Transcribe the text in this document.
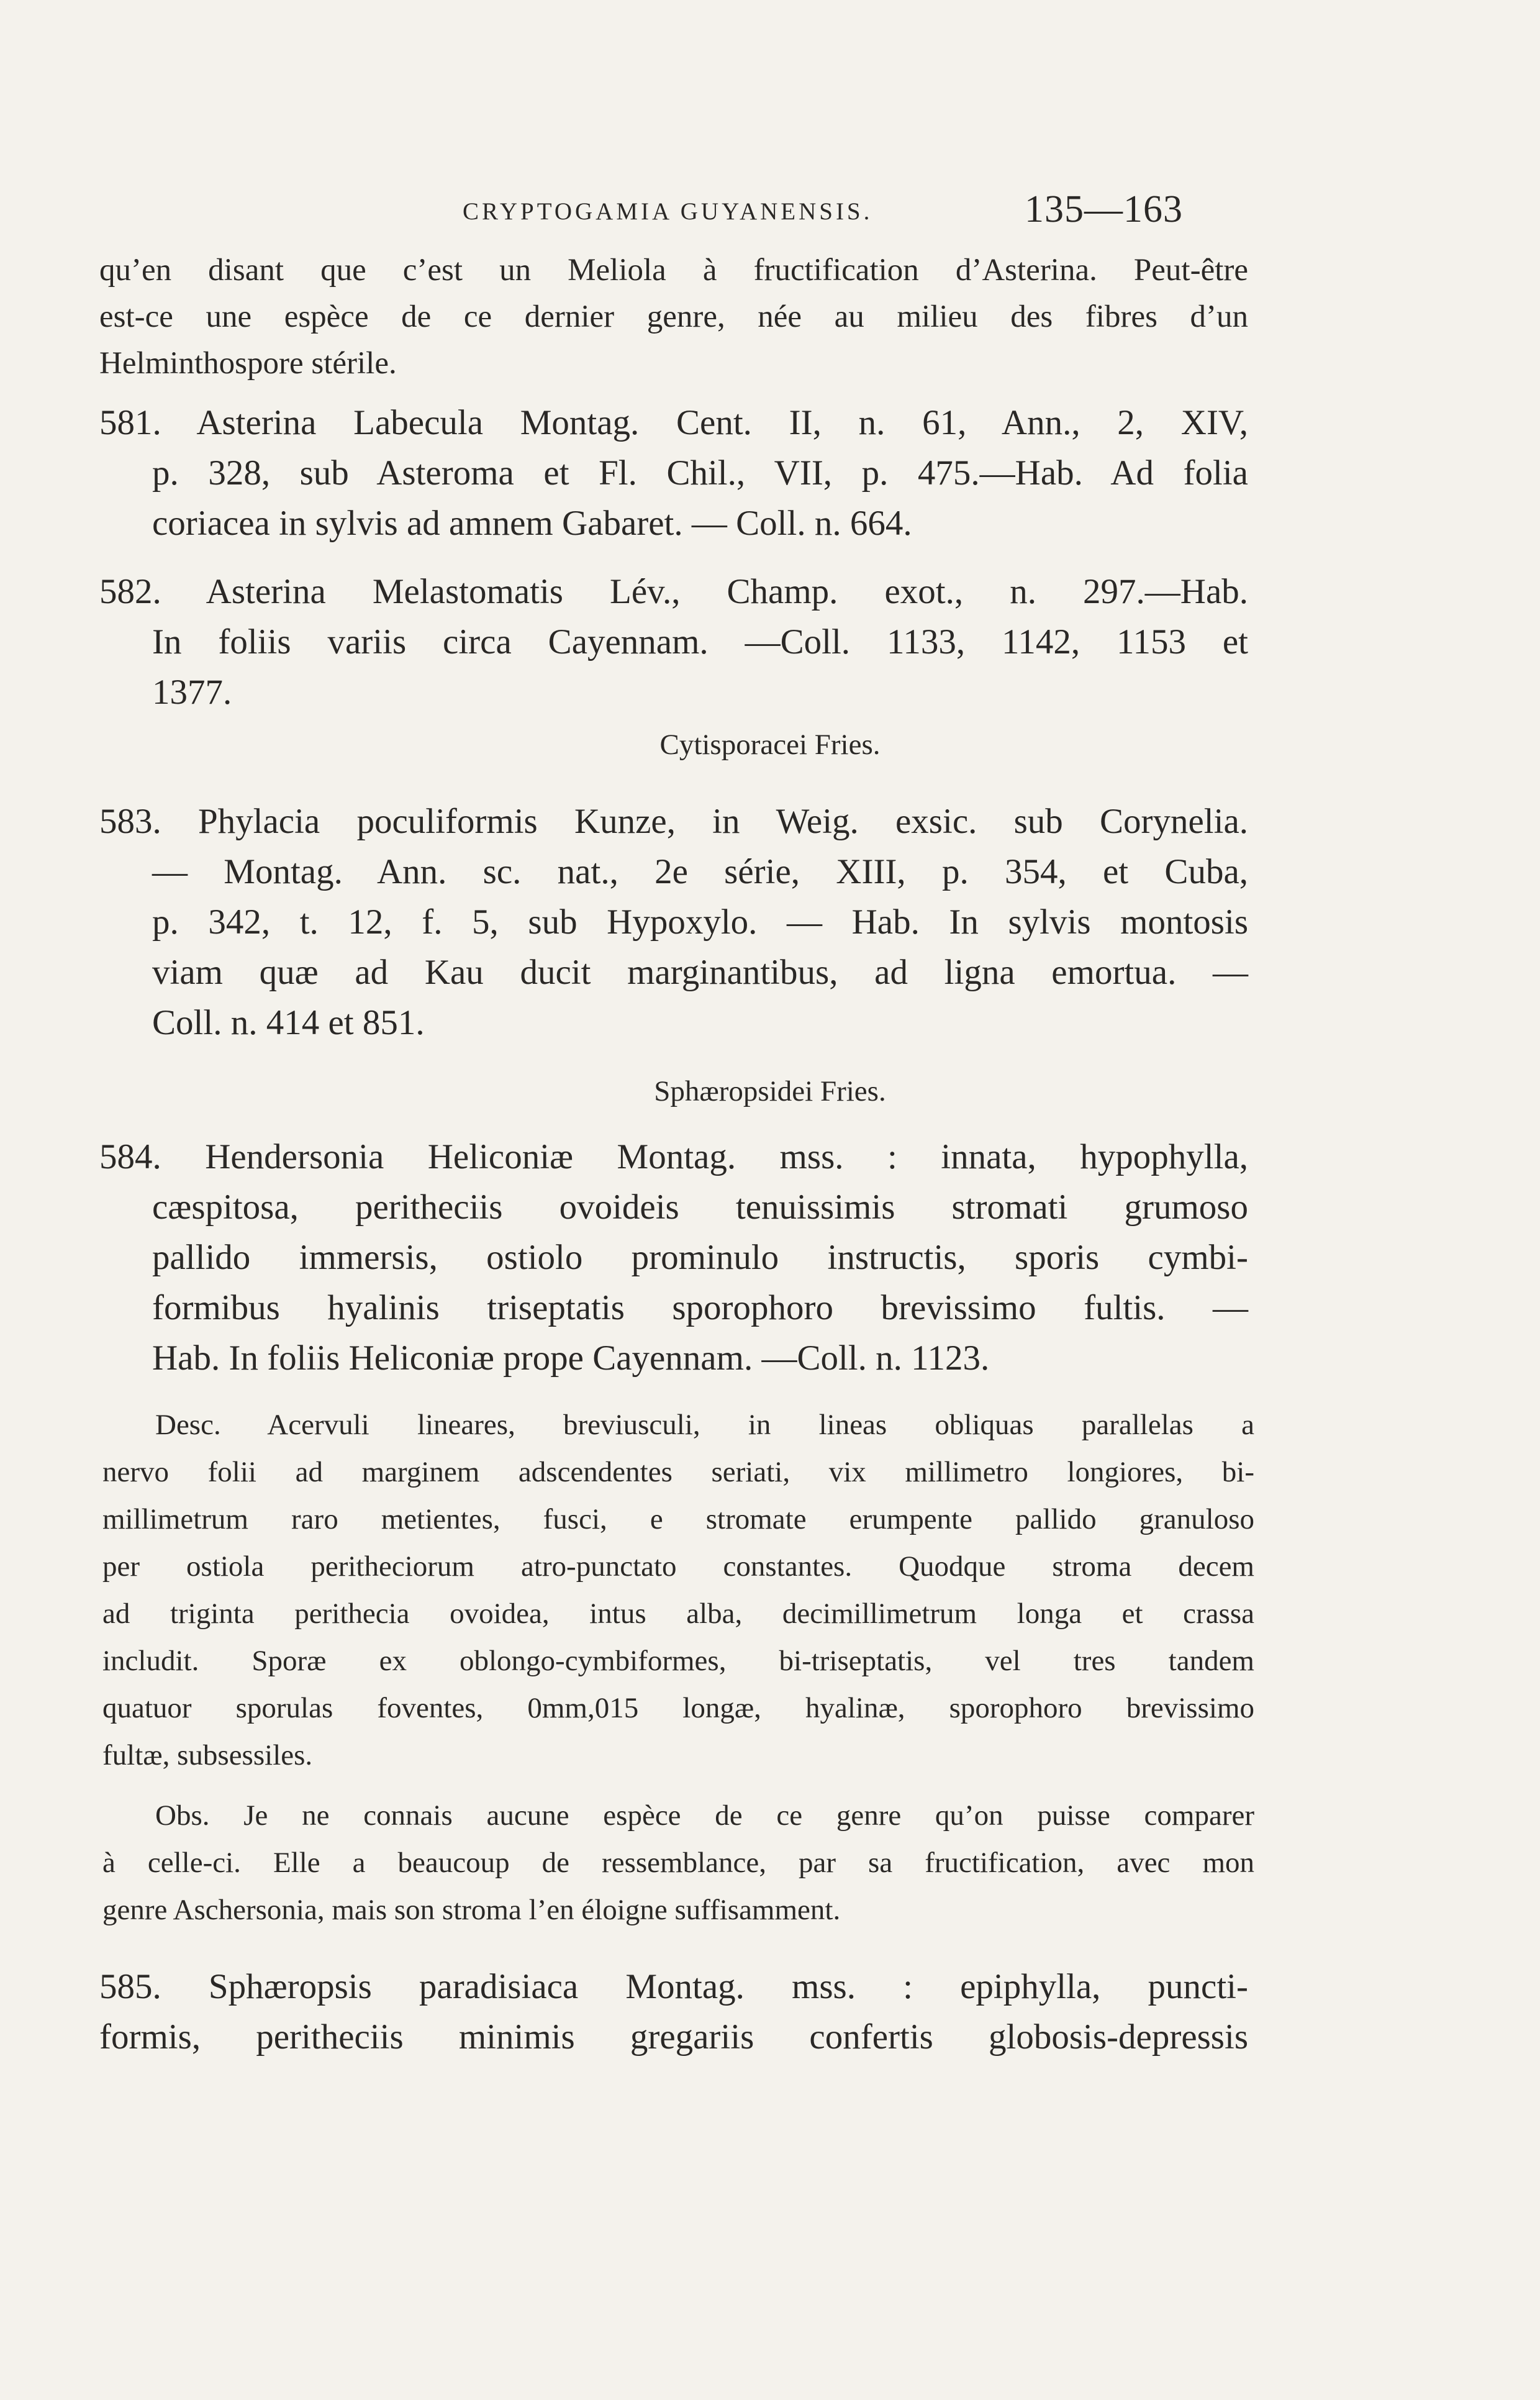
CRYPTOGAMIA GUYANENSIS.	135—163
qu’en disant que c’est un Meliola à fructification d’Asterina. Peut-être
est-ce une espèce de ce dernier genre, née au milieu des fibres d’un
Helminthospore stérile.
581. Asterina Labecula Montag. Cent. II, n. 61, Ann., 2, XIV,
p. 328, sub Asteroma et Fl. Chil., VII, p. 475.—Hab. Ad folia
coriacea in sylvis ad amnem Gabaret. — Coll. n. 664.
582. Asterina Melastomatis Lév., Champ. exot., n. 297.—Hab.
In foliis variis circa Cayennam. —Coll. 1133, 1142, 1153 et
1377.
Cytisporacei Fries.
583. Phylacia poculiformis Kunze, in Weig. exsic. sub Corynelia.
— Montag. Ann. sc. nat., 2e série, XIII, p. 354, et Cuba,
p. 342, t. 12, f. 5, sub Hypoxylo. — Hab. In sylvis montosis
viam quæ ad Kau ducit marginantibus, ad ligna emortua. —
Coll. n. 414 et 851.
Sphæropsidei Fries.
584. Hendersonia Heliconiæ Montag. mss. : innata, hypophylla,
cæspitosa, peritheciis ovoideis tenuissimis stromati grumoso
pallido immersis, ostiolo prominulo instructis, sporis cymbi-
formibus hyalinis triseptatis sporophoro brevissimo fultis. —
Hab. In foliis Heliconiæ prope Cayennam. —Coll. n. 1123.
Desc. Acervuli lineares, breviusculi, in lineas obliquas parallelas a
nervo folii ad marginem adscendentes seriati, vix millimetro longiores, bi-
millimetrum raro metientes, fusci, e stromate erumpente pallido granuloso
per ostiola peritheciorum atro-punctato constantes. Quodque stroma decem
ad triginta perithecia ovoidea, intus alba, decimillimetrum longa et crassa
includit. Sporæ ex oblongo-cymbiformes, bi-triseptatis, vel tres tandem
quatuor sporulas foventes, 0mm,015 longæ, hyalinæ, sporophoro brevissimo
fultæ, subsessiles.
Obs. Je ne connais aucune espèce de ce genre qu’on puisse comparer
à celle-ci. Elle a beaucoup de ressemblance, par sa fructification, avec mon
genre Aschersonia, mais son stroma l’en éloigne suffisamment.
585. Sphæropsis paradisiaca Montag. mss. : epiphylla, puncti-
formis, peritheciis minimis gregariis confertis globosis-depressis
